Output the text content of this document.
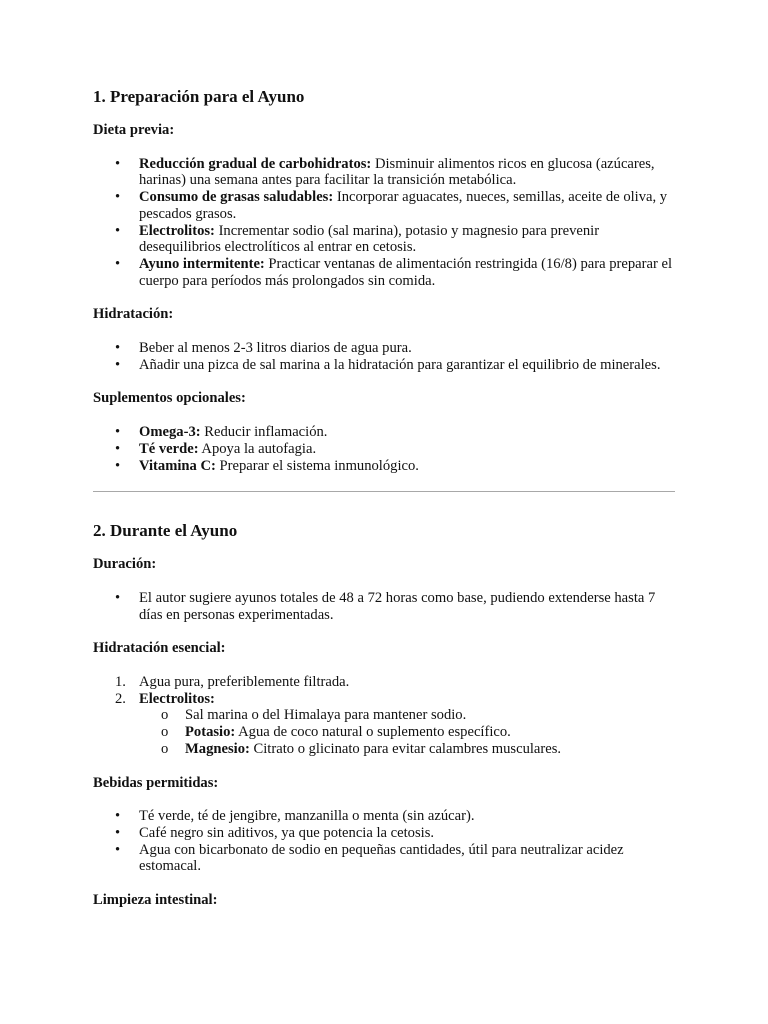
1. Preparación para el Ayuno

Dieta previa:

• Reducción gradual de carbohidratos: Disminuir alimentos ricos en glucosa (azúcares, harinas) una semana antes para facilitar la transición metabólica.
• Consumo de grasas saludables: Incorporar aguacates, nueces, semillas, aceite de oliva, y pescados grasos.
• Electrolitos: Incrementar sodio (sal marina), potasio y magnesio para prevenir desequilibrios electrolíticos al entrar en cetosis.
• Ayuno intermitente: Practicar ventanas de alimentación restringida (16/8) para preparar el cuerpo para períodos más prolongados sin comida.

Hidratación:

• Beber al menos 2-3 litros diarios de agua pura.
• Añadir una pizca de sal marina a la hidratación para garantizar el equilibrio de minerales.

Suplementos opcionales:

• Omega-3: Reducir inflamación.
• Té verde: Apoya la autofagia.
• Vitamina C: Preparar el sistema inmunológico.
2. Durante el Ayuno

Duración:

• El autor sugiere ayunos totales de 48 a 72 horas como base, pudiendo extenderse hasta 7 días en personas experimentadas.

Hidratación esencial:

1. Agua pura, preferiblemente filtrada.
2. Electrolitos:
o Sal marina o del Himalaya para mantener sodio.
o Potasio: Agua de coco natural o suplemento específico.
o Magnesio: Citrato o glicinato para evitar calambres musculares.

Bebidas permitidas:

• Té verde, té de jengibre, manzanilla o menta (sin azúcar).
• Café negro sin aditivos, ya que potencia la cetosis.
• Agua con bicarbonato de sodio en pequeñas cantidades, útil para neutralizar acidez estomacal.

Limpieza intestinal:
